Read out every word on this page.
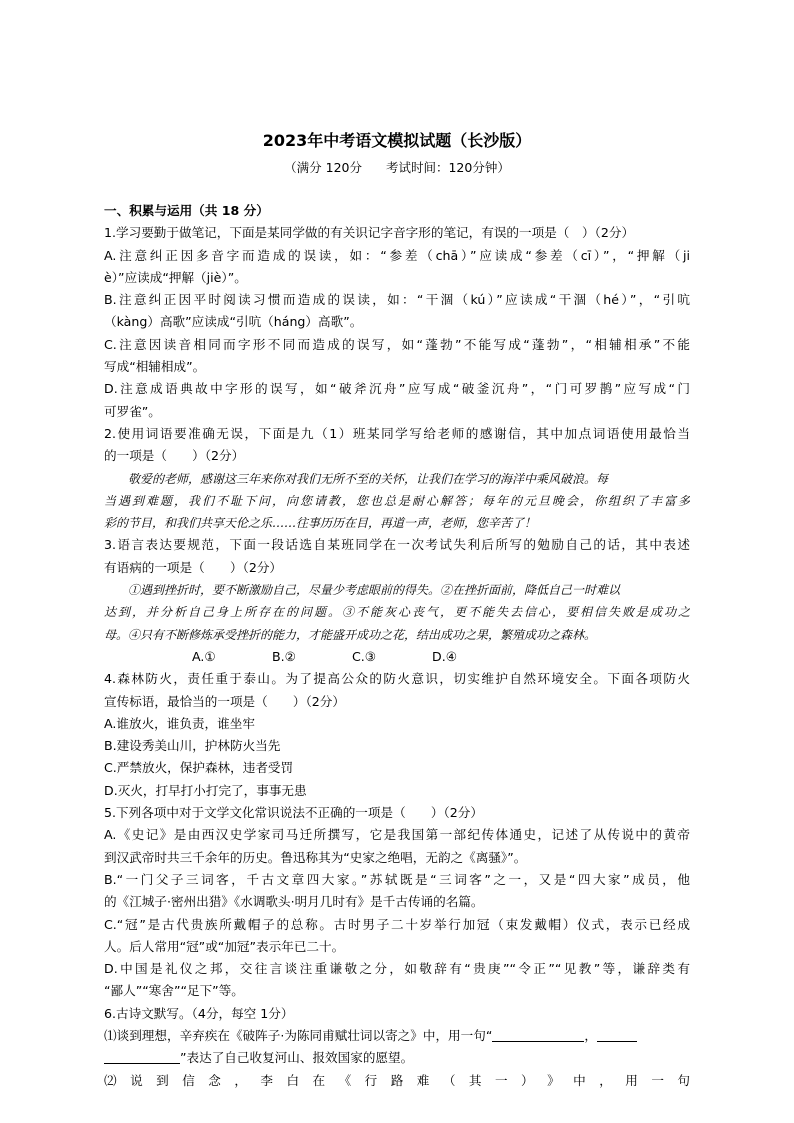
2023年中考语文模拟试题（长沙版）
（满分 120分 考试时间：120分钟）
一、积累与运用（共 18 分）
1.学习要勤于做笔记，下面是某同学做的有关识记字音字形的笔记，有误的一项是（　）（2分）
A.注意纠正因多音字而造成的误读，如：“参差（chā）”应读成“参差（cī）”，“押解（ji
è）”应读成“押解（jiè）”。
B.注意纠正因平时阅读习惯而造成的误读，如：“干涸（kú）”应读成“干涸（hé）”，“引吭
（kàng）高歌”应读成“引吭（háng）高歌”。
C.注意因读音相同而字形不同而造成的误写，如“蓬勃”不能写成“蓬勃”，“相辅相承”不能
写成“相辅相成”。
D.注意成语典故中字形的误写，如“破斧沉舟”应写成“破釜沉舟”，“门可罗鹊”应写成“门
可罗雀”。
2.使用词语要准确无误，下面是九（1）班某同学写给老师的感谢信，其中加点词语使用最恰当
的一项是（　　）（2分）
敬爱的老师，感谢这三年来你对我们无所不至的关怀，让我们在学习的海洋中乘风破浪。每
当遇到难题，我们不耻下问，向您请教，您也总是耐心解答；每年的元旦晚会，你组织了丰富多
彩的节目，和我们共享天伦之乐……往事历历在目，再道一声，老师，您辛苦了！
3.语言表达要规范，下面一段话选自某班同学在一次考试失利后所写的勉励自己的话，其中表述
有语病的一项是（　　）（2分）
①遇到挫折时，要不断激励自己，尽量少考虑眼前的得失。②在挫折面前，降低自己一时难以
达到，并分析自己身上所存在的问题。③不能灰心丧气，更不能失去信心，要相信失败是成功之
母。④只有不断修炼承受挫折的能力，才能盛开成功之花，结出成功之果，繁殖成功之森林。
A.①	B.②	C.③	D.④
4.森林防火，责任重于泰山。为了提高公众的防火意识，切实维护自然环境安全。下面各项防火
宣传标语，最恰当的一项是（　　）（2分）
A.谁放火，谁负责，谁坐牢
B.建设秀美山川，护林防火当先
C.严禁放火，保护森林，违者受罚
D.灭火，打早打小打完了，事事无患
5.下列各项中对于文学文化常识说法不正确的一项是（　　）（2分）
A.《史记》是由西汉史学家司马迁所撰写，它是我国第一部纪传体通史，记述了从传说中的黄帝
到汉武帝时共三千余年的历史。鲁迅称其为“史家之绝唱，无韵之《离骚》”。
B.“一门父子三词客，千古文章四大家。”苏轼既是“三词客”之一，又是“四大家”成员，他
的《江城子·密州出猎》《水调歌头·明月几时有》是千古传诵的名篇。
C.“冠”是古代贵族所戴帽子的总称。古时男子二十岁举行加冠（束发戴帽）仪式，表示已经成
人。后人常用“冠”或“加冠”表示年已二十。
D.中国是礼仪之邦，交往言谈注重谦敬之分，如敬辞有“贵庚”“令正”“见教”等，谦辞类有
“鄙人”“寒舍”“足下”等。
6.古诗文默写。（4分，每空 1分）
⑴谈到理想，辛弃疾在《破阵子·为陈同甫赋壮词以寄之》中，用一句“	，
”表达了自己收复河山、报效国家的愿望。
⑵ 说 到 信 念 ， 李 白 在 《 行 路 难 （ 其 一 ） 》 中 ， 用 一 句
